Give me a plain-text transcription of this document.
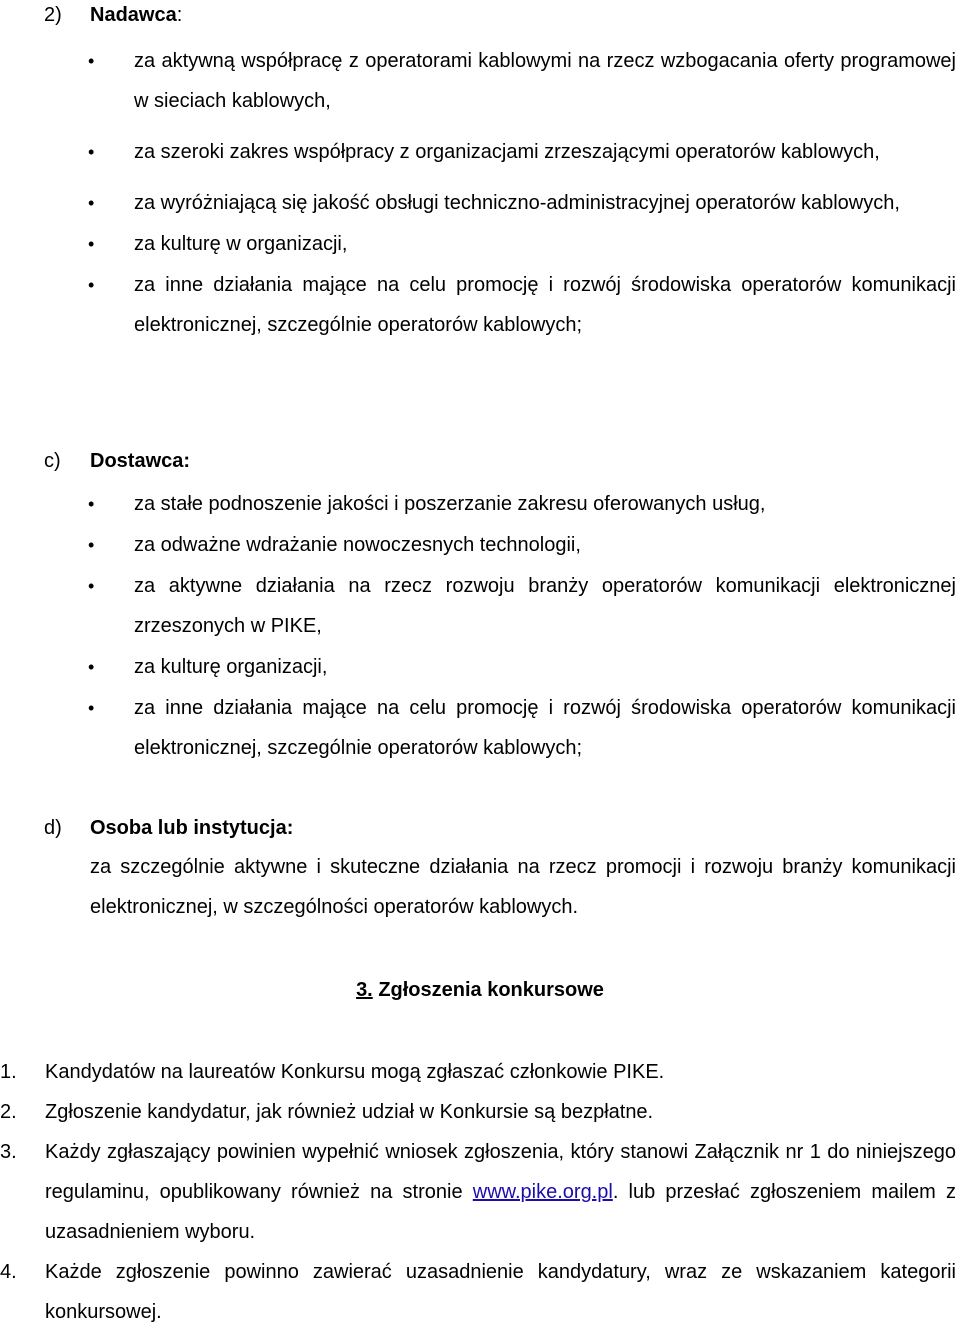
2)	Nadawca :
• za aktywną współpracę z operatorami kablowymi na rzecz wzbogacania oferty programowej w sieciach kablowych,
• za szeroki zakres współpracy z organizacjami zrzeszającymi operatorów kablowych,
• za wyróżniającą się jakość obsługi techniczno-administracyjnej operatorów kablowych,
• za kulturę w organizacji,
• za inne działania mające na celu promocję i rozwój środowiska operatorów komunikacji elektronicznej, szczególnie operatorów kablowych;
c)	Dostawca:
• za stałe podnoszenie jakości i poszerzanie zakresu oferowanych usług,
• za odważne wdrażanie nowoczesnych technologii,
• za aktywne działania na rzecz rozwoju branży operatorów komunikacji elektronicznej zrzeszonych w PIKE,
• za kulturę organizacji,
• za inne działania mające na celu promocję i rozwój środowiska operatorów komunikacji elektronicznej, szczególnie operatorów kablowych;
d)	Osoba lub instytucja:
za szczególnie aktywne i skuteczne działania na rzecz promocji i rozwoju branży komunikacji elektronicznej, w szczególności operatorów kablowych.
3. Zgłoszenia konkursowe
1. Kandydatów na laureatów Konkursu mogą zgłaszać członkowie PIKE.
2. Zgłoszenie kandydatur, jak również udział w Konkursie są bezpłatne.
3. Każdy zgłaszający powinien wypełnić wniosek zgłoszenia, który stanowi Załącznik nr 1 do niniejszego regulaminu, opublikowany również na stronie www.pike.org.pl. lub przesłać zgłoszeniem mailem z uzasadnieniem wyboru.
4. Każde zgłoszenie powinno zawierać uzasadnienie kandydatury, wraz ze wskazaniem kategorii konkursowej.
